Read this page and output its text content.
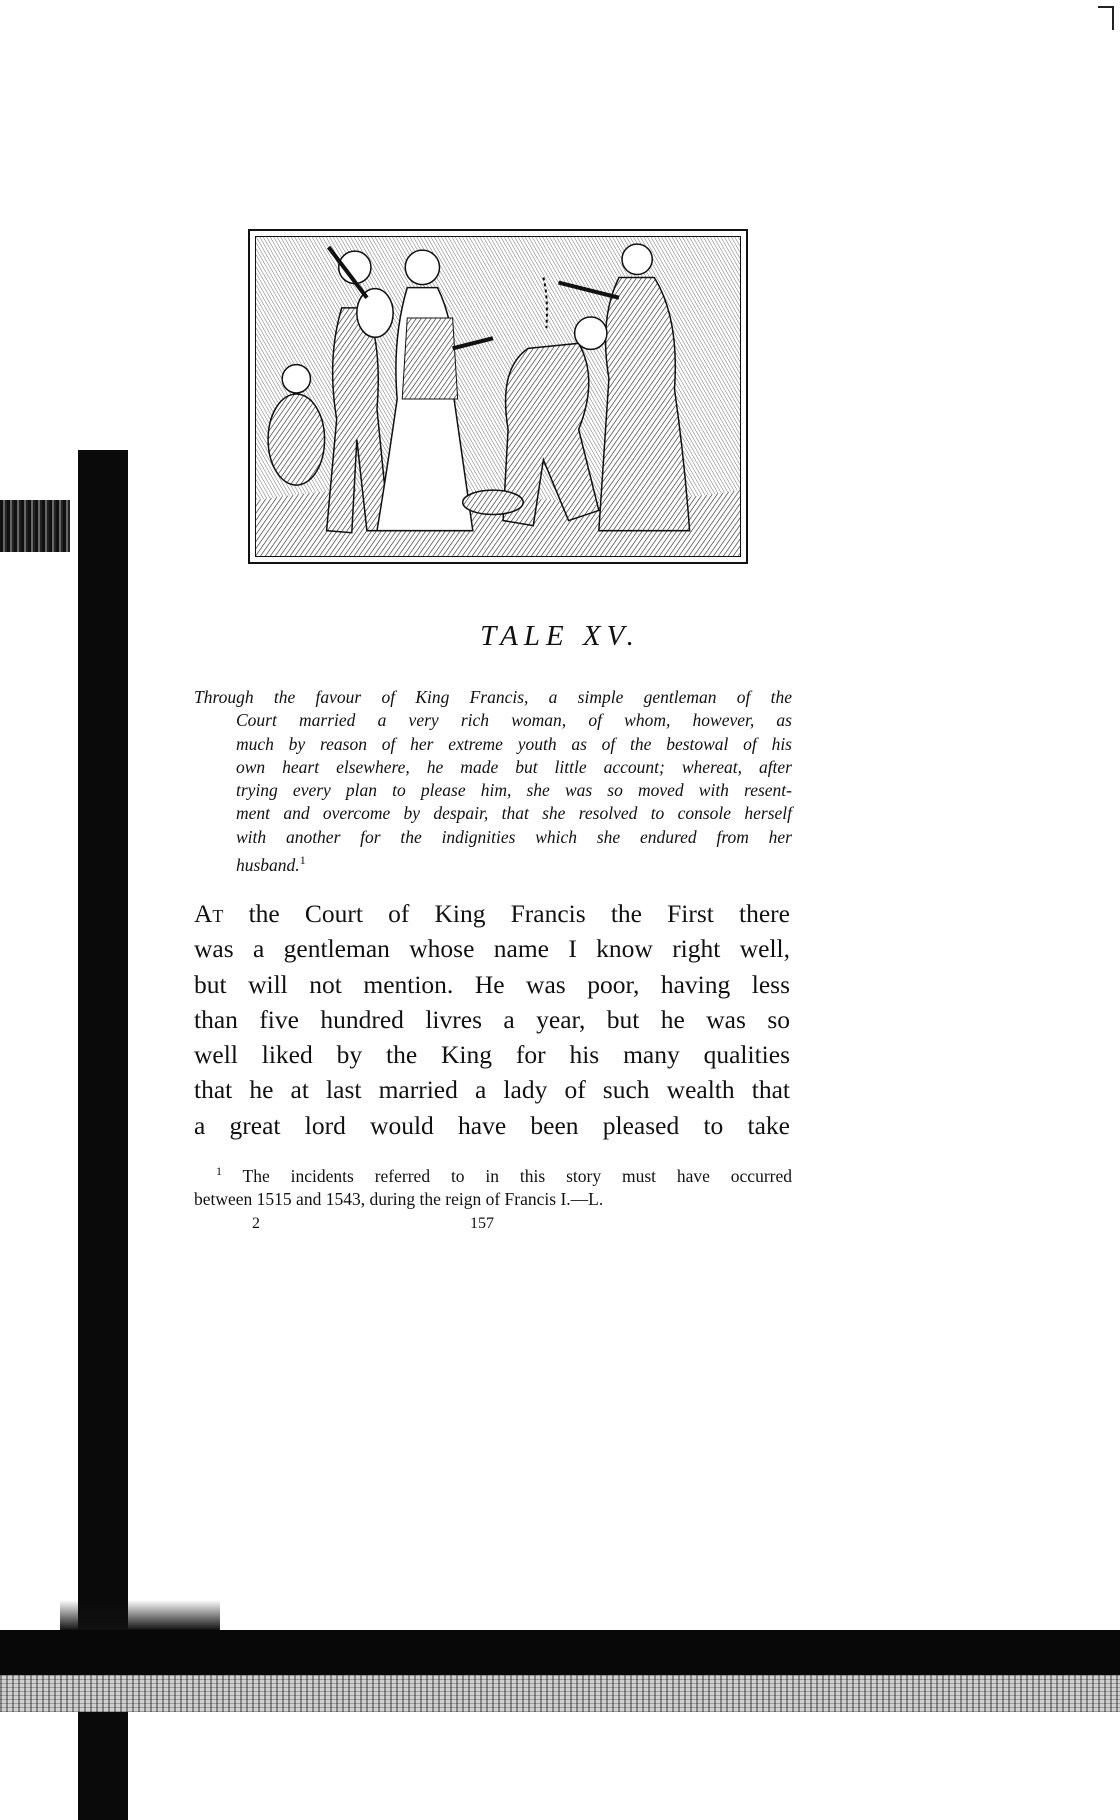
TALE XV.
Through the favour of King Francis, a simple gentleman of the
Court married a very rich woman, of whom, however, as
much by reason of her extreme youth as of the bestowal of his
own heart elsewhere, he made but little account; whereat, after
trying every plan to please him, she was so moved with resent-
ment and overcome by despair, that she resolved to console herself
with another for the indignities which she endured from her
husband.$^1$
At the Court of King Francis the First there
was a gentleman whose name I know right well,
but will not mention. He was poor, having less
than five hundred livres a year, but he was so
well liked by the King for his many qualities
that he at last married a lady of such wealth that
a great lord would have been pleased to take
$^1$ The incidents referred to in this story must have occurred
between 1515 and 1543, during the reign of Francis I.—L.
2	157
